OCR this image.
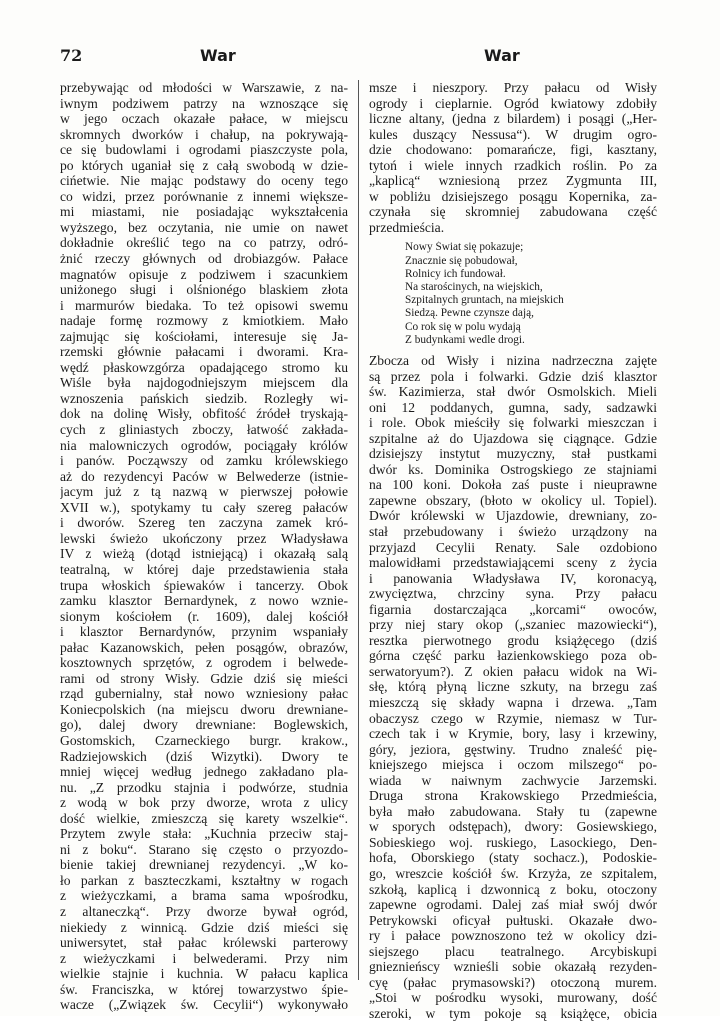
72	War	War
przebywając od młodości w Warszawie, z na-
iwnym podziwem patrzy na wznoszące się
w jego oczach okazałe pałace, w miejscu
skromnych dworków i chałup, na pokrywają-
ce się budowlami i ogrodami piaszczyste pola,
po których uganiał się z całą swobodą w dzie-
cińetwie. Nie mając podstawy do oceny tego
co widzi, przez porównanie z innemi większe-
mi miastami, nie posiadając wykształcenia
wyższego, bez oczytania, nie umie on nawet
dokładnie określić tego na co patrzy, odró-
żnić rzeczy głównych od drobiazgów. Pałace
magnatów opisuje z podziwem i szacunkiem
uniżonego sługi i olśnionégo blaskiem złota
i marmurów biedaka. To też opisowi swemu
nadaje formę rozmowy z kmiotkiem. Mało
zajmując się kościołami, interesuje się Ja-
rzemski głównie pałacami i dworami. Kra-
wędź płaskowzgórza opadającego stromo ku
Wiśle była najdogodniejszym miejscem dla
wznoszenia pańskich siedzib. Rozległy wi-
dok na dolinę Wisły, obfitość źródeł tryskają-
cych z gliniastych zboczy, łatwość zakłada-
nia malowniczych ogrodów, pociągały królów
i panów. Począwszy od zamku królewskiego
aż do rezydencyi Paców w Belwederze (istnie-
jacym już z tą nazwą w pierwszej połowie
XVII w.), spotykamy tu cały szereg pałaców
i dworów. Szereg ten zaczyna zamek kró-
lewski świeżo ukończony przez Władysława
IV z wieżą (dotąd istniejącą) i okazałą salą
teatralną, w której daje przedstawienia stała
trupa włoskich śpiewaków i tancerzy. Obok
zamku klasztor Bernardynek, z nowo wznie-
sionym kościołem (r. 1609), dalej kościół
i klasztor Bernardynów, przynim wspaniały
pałac Kazanowskich, pełen posągów, obrazów,
kosztownych sprzętów, z ogrodem i belwede-
rami od strony Wisły. Gdzie dziś się mieści
rząd gubernialny, stał nowo wzniesiony pałac
Koniecpolskich (na miejscu dworu drewniane-
go), dalej dwory drewniane: Boglewskich,
Gostomskich, Czarneckiego burgr. krakow.,
Radziejowskich (dziś Wizytki). Dwory te
mniej więcej według jednego zakładano pla-
nu. „Z przodku stajnia i podwórze, studnia
z wodą w bok przy dworze, wrota z ulicy
dość wielkie, zmieszczą się karety wszelkie“.
Przytem zwyle stała: „Kuchnia przeciw staj-
ni z boku“. Starano się często o przyozdo-
bienie takiej drewnianej rezydencyi. „W ko-
ło parkan z baszteczkami, kształtny w rogach
z wieżyczkami, a brama sama wpośrodku,
z altaneczką“. Przy dworze bywał ogród,
niekiedy z winnicą. Gdzie dziś mieści się
uniwersytet, stał pałac królewski parterowy
z wieżyczkami i belwederami. Przy nim
wielkie stajnie i kuchnia. W pałacu kaplica
św. Franciszka, w której towarzystwo śpie-
wacze („Związek św. Cecylii“) wykonywało
msze i nieszpory. Przy pałacu od Wisły
ogrody i cieplarnie. Ogród kwiatowy zdobiły
liczne altany, (jedna z bilardem) i posągi („Her-
kules duszący Nessusa“). W drugim ogro-
dzie chodowano: pomarańcze, figi, kasztany,
tytoń i wiele innych rzadkich roślin. Po za
„kaplicą“ wzniesioną przez Zygmunta III,
w pobliżu dzisiejszego posągu Kopernika, za-
czynała się skromniej zabudowana część
przedmieścia.
Nowy Świat się pokazuje;
Znacznie się pobudował,
Rolnicy ich fundował.
Na starościnych, na wiejskich,
Szpitalnych gruntach, na miejskich
Siedzą. Pewne czynsze dają,
Co rok się w polu wydają
Z budynkami wedle drogi.
Zbocza od Wisły i nizina nadrzeczna zajęte
są przez pola i folwarki. Gdzie dziś klasztor
św. Kazimierza, stał dwór Osmolskich. Mieli
oni 12 poddanych, gumna, sady, sadzawki
i role. Obok mieściły się folwarki mieszczan i
szpitalne aż do Ujazdowa się ciągnące. Gdzie
dzisiejszy instytut muzyczny, stał pustkami
dwór ks. Dominika Ostrogskiego ze stajniami
na 100 koni. Dokoła zaś puste i nieuprawne
zapewne obszary, (błoto w okolicy ul. Topiel).
Dwór królewski w Ujazdowie, drewniany, zo-
stał przebudowany i świeżo urządzony na
przyjazd Cecylii Renaty. Sale ozdobiono
malowidłami przedstawiającemi sceny z życia
i panowania Władysława IV, koronacyą,
zwycięztwa, chrzciny syna. Przy pałacu
figarnia dostarczająca „korcami“ owoców,
przy niej stary okop („szaniec mazowiecki“),
resztka pierwotnego grodu książęcego (dziś
górna część parku łazienkowskiego poza ob-
serwatoryum?). Z okien pałacu widok na Wi-
słę, którą płyną liczne szkuty, na brzegu zaś
mieszczą się składy wapna i drzewa. „Tam
obaczysz czego w Rzymie, niemasz w Tur-
czech tak i w Krymie, bory, lasy i krzewiny,
góry, jeziora, gęstwiny. Trudno znaleść pię-
kniejszego miejsca i oczom milszego“ po-
wiada w naiwnym zachwycie Jarzemski.
Druga strona Krakowskiego Przedmieścia,
była mało zabudowana. Stały tu (zapewne
w sporych odstępach), dwory: Gosiewskiego,
Sobieskiego woj. ruskiego, Lasockiego, Den-
hofa, Oborskiego (staty sochacz.), Podoskie-
go, wreszcie kościół św. Krzyża, ze szpitalem,
szkołą, kaplicą i dzwonnicą z boku, otoczony
zapewne ogrodami. Dalej zaś miał swój dwór
Petrykowski oficyał pułtuski. Okazałe dwo-
ry i pałace powznoszono też w okolicy dzi-
siejszego placu teatralnego. Arcybiskupi
gnieznieńscy wznieśli sobie okazałą rezyden-
cyę (pałac prymasowski?) otoczoną murem.
„Stoi w pośrodku wysoki, murowany, dość
szeroki, w tym pokoje są książęce, obicia
